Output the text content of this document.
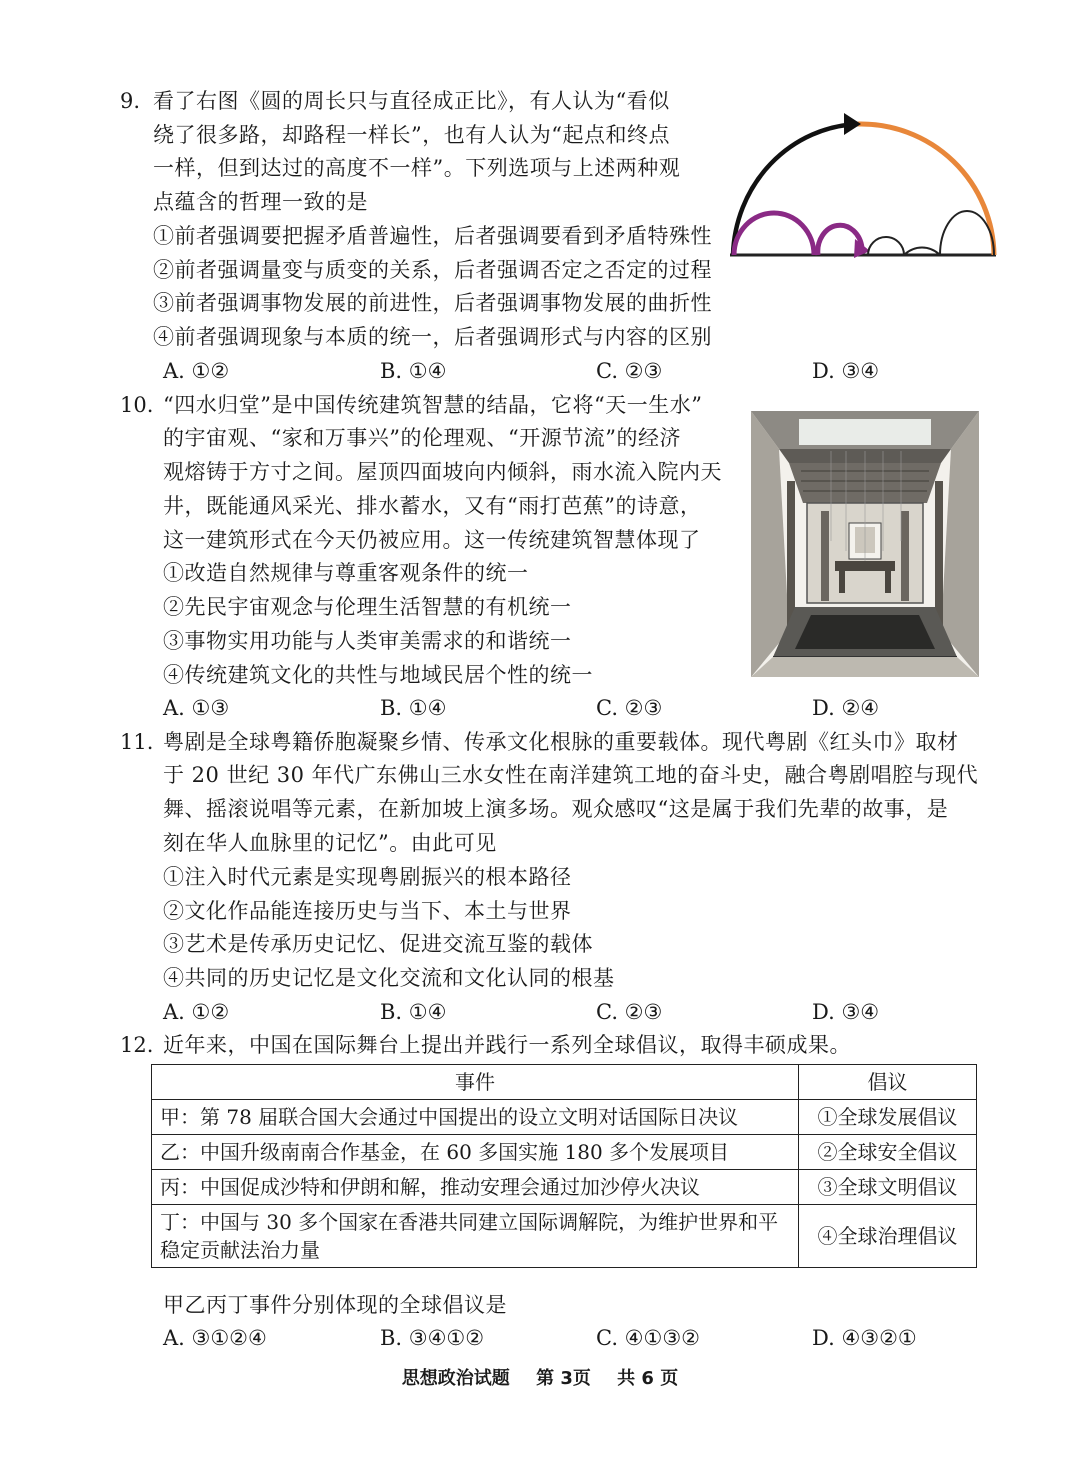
9. 看了右图《圆的周长只与直径成正比》，有人认为“看似
绕了很多路，却路程一样长”，也有人认为“起点和终点
一样，但到达过的高度不一样”。下列选项与上述两种观
点蕴含的哲理一致的是
①前者强调要把握矛盾普遍性，后者强调要看到矛盾特殊性
②前者强调量变与质变的关系，后者强调否定之否定的过程
③前者强调事物发展的前进性，后者强调事物发展的曲折性
④前者强调现象与本质的统一，后者强调形式与内容的区别
A. ①②	B. ①④	C. ②③	D. ③④
10. “四水归堂”是中国传统建筑智慧的结晶，它将“天一生水”
的宇宙观、“家和万事兴”的伦理观、“开源节流”的经济
观熔铸于方寸之间。屋顶四面坡向内倾斜，雨水流入院内天
井，既能通风采光、排水蓄水，又有“雨打芭蕉”的诗意，
这一建筑形式在今天仍被应用。这一传统建筑智慧体现了
①改造自然规律与尊重客观条件的统一
②先民宇宙观念与伦理生活智慧的有机统一
③事物实用功能与人类审美需求的和谐统一
④传统建筑文化的共性与地域民居个性的统一
A. ①③	B. ①④	C. ②③	D. ②④
11. 粤剧是全球粤籍侨胞凝聚乡情、传承文化根脉的重要载体。现代粤剧《红头巾》取材
于 20 世纪 30 年代广东佛山三水女性在南洋建筑工地的奋斗史，融合粤剧唱腔与现代
舞、摇滚说唱等元素，在新加坡上演多场。观众感叹“这是属于我们先辈的故事，是
刻在华人血脉里的记忆”。由此可见
①注入时代元素是实现粤剧振兴的根本路径
②文化作品能连接历史与当下、本土与世界
③艺术是传承历史记忆、促进交流互鉴的载体
④共同的历史记忆是文化交流和文化认同的根基
A. ①②	B. ①④	C. ②③	D. ③④
12. 近年来，中国在国际舞台上提出并践行一系列全球倡议，取得丰硕成果。
事件	倡议
甲：第 78 届联合国大会通过中国提出的设立文明对话国际日决议	①全球发展倡议
乙：中国升级南南合作基金，在 60 多国实施 180 多个发展项目	②全球安全倡议
丙：中国促成沙特和伊朗和解，推动安理会通过加沙停火决议	③全球文明倡议
丁：中国与 30 多个国家在香港共同建立国际调解院，为维护世界和平稳定贡献法治力量	④全球治理倡议
甲乙丙丁事件分别体现的全球倡议是
A. ③①②④	B. ③④①②	C. ④①③②	D. ④③②①
思想政治试题 第 3页 共 6 页
